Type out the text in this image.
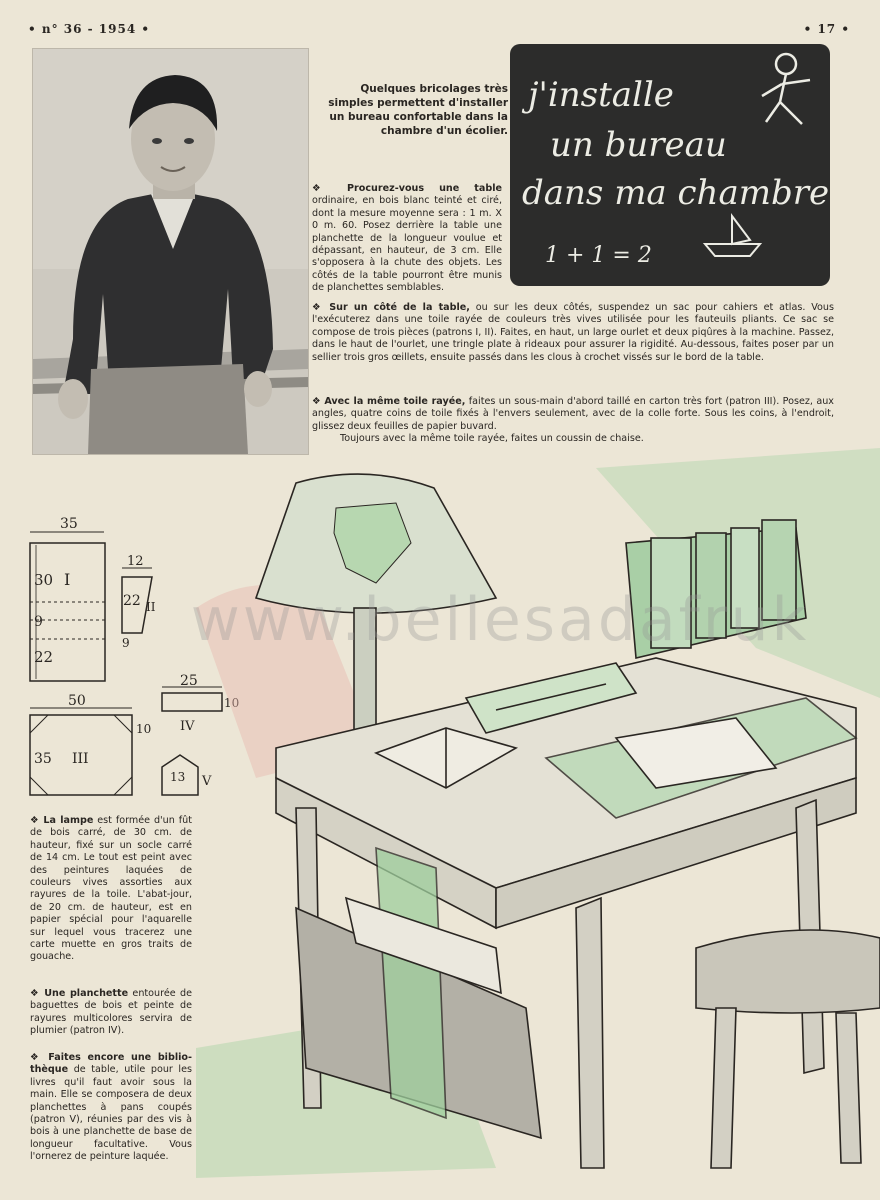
• n° 36 - 1954 •	• 17 •
Quelques bricolages très simples permettent d'installer un bureau confortable dans la chambre d'un écolier.
j'installe
un bureau
dans ma chambre
1 + 1 = 2
❖ Procurez-vous une table ordinaire, en bois blanc teinté et ciré, dont la mesure moyenne sera : 1 m. X 0 m. 60. Posez derrière la table une planchette de la longueur voulue et dépassant, en hauteur, de 3 cm. Elle s'opposera à la chute des objets. Les côtés de la table pourront être munis de planchettes semblables.
❖ Sur un côté de la table, ou sur les deux côtés, suspendez un sac pour cahiers et atlas. Vous l'exécuterez dans une toile rayée de couleurs très vives utilisée pour les fauteuils pliants. Ce sac se compose de trois pièces (patrons I, II). Faites, en haut, un large ourlet et deux piqûres à la machine. Passez, dans le haut de l'ourlet, une tringle plate à rideaux pour assurer la rigidité. Au-dessous, faites poser par un sellier trois gros œillets, ensuite passés dans les clous à crochet vissés sur le bord de la table.
❖ Avec la même toile rayée, faites un sous-main d'abord taillé en carton très fort (patron III). Posez, aux angles, quatre coins de toile fixés à l'envers seulement, avec de la colle forte. Sous les coins, à l'endroit, glissez deux feuilles de papier buvard.
Toujours avec la même toile rayée, faites un coussin de chaise.
35
30 I
9
22
12
22 II
9
25
10
IV
50
35 III
10
13 V
❖ La lampe est formée d'un fût de bois carré, de 30 cm. de hauteur, fixé sur un socle carré de 14 cm. Le tout est peint avec des peintures laquées de couleurs vives assorties aux rayures de la toile. L'abat-jour, de 20 cm. de hauteur, est en papier spécial pour l'aquarelle sur lequel vous tracerez une carte muette en gros traits de gouache.
❖ Une planchette entourée de baguettes de bois et peinte de rayures multicolores servira de plumier (patron IV).
❖ Faites encore une biblio-thèque de table, utile pour les livres qu'il faut avoir sous la main. Elle se composera de deux planchettes à pans coupés (patron V), réunies par des vis à bois à une planchette de base de longueur facultative. Vous l'ornerez de peinture laquée.
www.bellesadafruk
